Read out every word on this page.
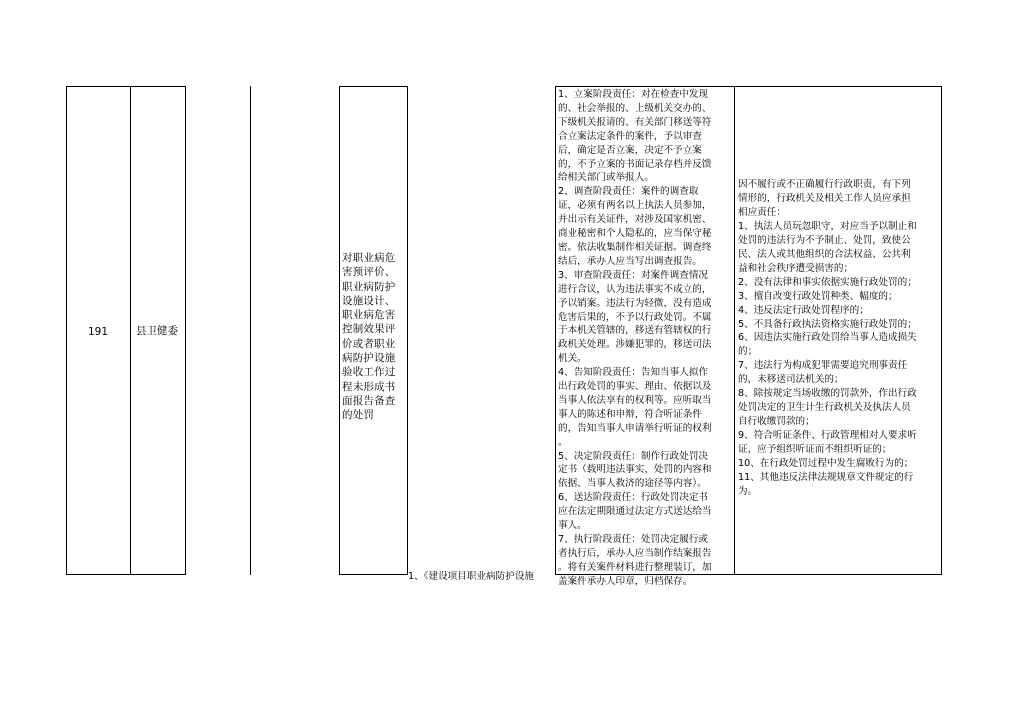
191	县卫健委
对职业病危
害预评价、
职业病防护
设施设计、
职业病危害
控制效果评
价或者职业
病防护设施
验收工作过
程未形成书
面报告备查
的处罚
1、立案阶段责任：对在检查中发现
的、社会举报的、上级机关交办的、
下级机关报请的、有关部门移送等符
合立案法定条件的案件，予以审查
后，确定是否立案，决定不予立案
的，不予立案的书面记录存档并反馈
给相关部门或举报人。
2、调查阶段责任：案件的调查取
证，必须有两名以上执法人员参加，
并出示有关证件，对涉及国家机密、
商业秘密和个人隐私的，应当保守秘
密。依法收集制作相关证据。调查终
结后，承办人应当写出调查报告。
3、审查阶段责任：对案件调查情况
进行合议，认为违法事实不成立的，
予以销案。违法行为轻微，没有造成
危害后果的，不予以行政处罚。不属
于本机关管辖的，移送有管辖权的行
政机关处理。涉嫌犯罪的，移送司法
机关。
4、告知阶段责任：告知当事人拟作
出行政处罚的事实、理由、依据以及
当事人依法享有的权利等。应听取当
事人的陈述和申辩，符合听证条件
的，告知当事人申请举行听证的权利
。
5、决定阶段责任：制作行政处罚决
定书（载明违法事实、处罚的内容和
依据、当事人救济的途径等内容）。
6、送达阶段责任：行政处罚决定书
应在法定期限通过法定方式送达给当
事人。
7、执行阶段责任：处罚决定履行或
者执行后，承办人应当制作结案报告
。将有关案件材料进行整理装订，加
盖案件承办人印章，归档保存。
因不履行或不正确履行行政职责，有下列
情形的，行政机关及相关工作人员应承担
相应责任：
1、执法人员玩忽职守，对应当予以制止和
处罚的违法行为不予制止、处罚，致使公
民、法人或其他组织的合法权益、公共利
益和社会秩序遭受损害的；
2、没有法律和事实依据实施行政处罚的；
3、擅自改变行政处罚种类、幅度的；
4、违反法定行政处罚程序的；
5、不具备行政执法资格实施行政处罚的；
6、因违法实施行政处罚给当事人造成损失
的；
7、违法行为构成犯罪需要追究刑事责任
的，未移送司法机关的；
8、除按规定当场收缴的罚款外，作出行政
处罚决定的卫生计生行政机关及执法人员
自行收缴罚款的；
9、符合听证条件、行政管理相对人要求听
证，应予组织听证而不组织听证的；
10、在行政处罚过程中发生腐败行为的；
11、其他违反法律法规规章文件规定的行
为。
1、《建设项目职业病防护设施
